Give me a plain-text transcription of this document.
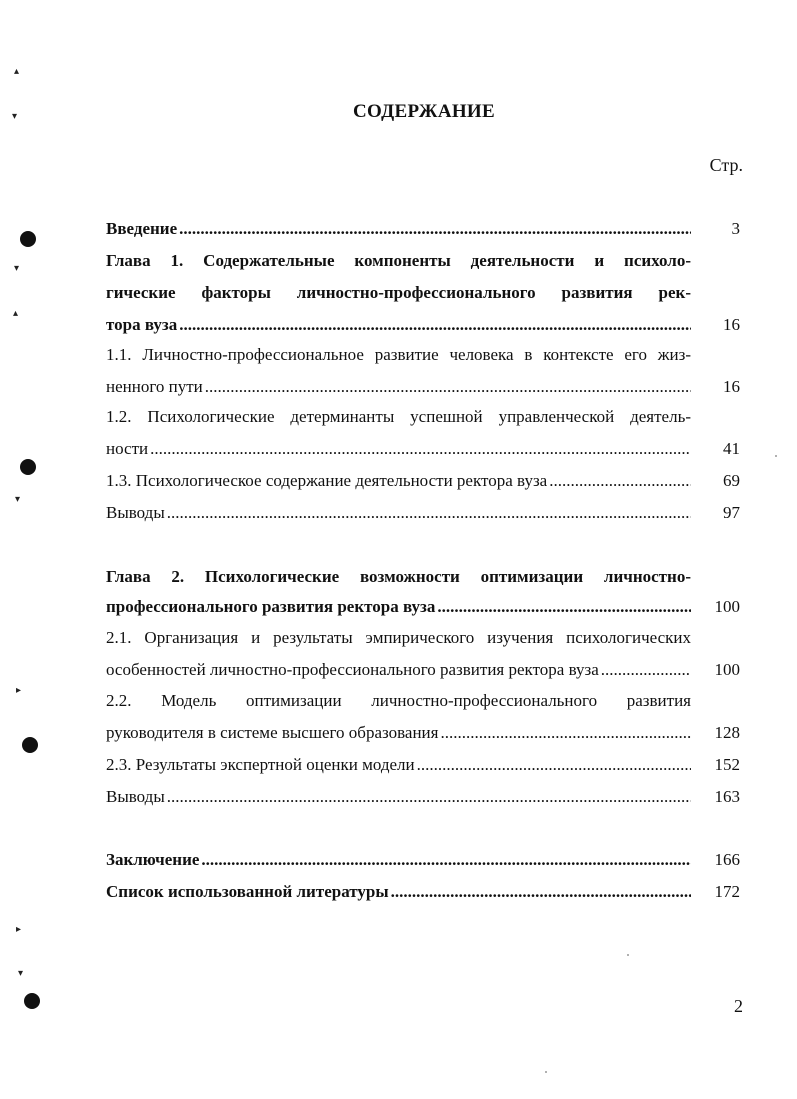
▴
▾
▾
▴
▾
▸
▸
▾
СОДЕРЖАНИЕ
Стр.
Введение .....	3
Глава 1. Содержательные компоненты деятельности и психоло-
гические факторы личностно-профессионального развития рек-
тора вуза .....	16
1.1. Личностно-профессиональное развитие человека в контексте его жиз-
ненного пути .....	16
1.2. Психологические детерминанты успешной управленческой деятель-
ности .....	41
1.3. Психологическое содержание деятельности ректора вуза .....	69
Выводы .....	97
Глава 2. Психологические возможности оптимизации личностно-
профессионального развития ректора вуза .....	100
2.1. Организация и результаты эмпирического изучения психологических
особенностей личностно-профессионального развития ректора вуза .....	100
2.2. Модель оптимизации личностно-профессионального развития
руководителя в системе высшего образования .....	128
2.3. Результаты экспертной оценки модели .....	152
Выводы .....	163
Заключение .....	166
Список использованной литературы .....	172
2
